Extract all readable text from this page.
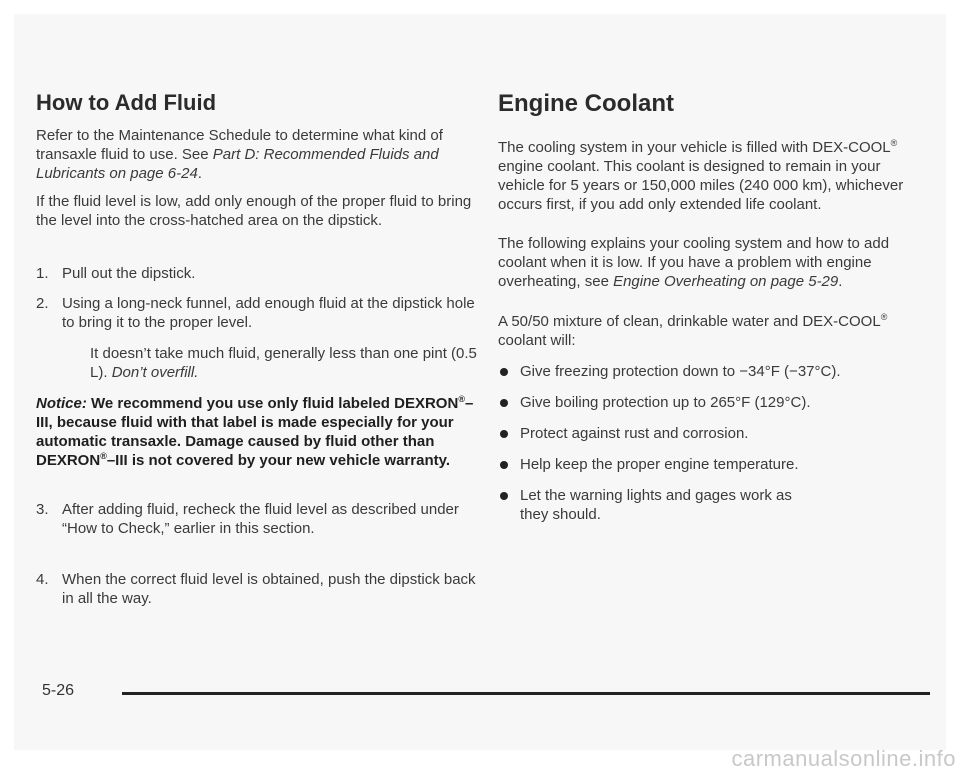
How to Add Fluid

Refer to the Maintenance Schedule to determine what kind of transaxle fluid to use. See Part D: Recommended Fluids and Lubricants on page 6-24.

If the fluid level is low, add only enough of the proper fluid to bring the level into the cross-hatched area on the dipstick.

1. Pull out the dipstick.

2. Using a long-neck funnel, add enough fluid at the dipstick hole to bring it to the proper level.

It doesn’t take much fluid, generally less than one pint (0.5 L). Don’t overfill.

Notice: We recommend you use only fluid labeled DEXRON®–III, because fluid with that label is made especially for your automatic transaxle. Damage caused by fluid other than DEXRON®–III is not covered by your new vehicle warranty.

3. After adding fluid, recheck the fluid level as described under “How to Check,” earlier in this section.

4. When the correct fluid level is obtained, push the dipstick back in all the way.

Engine Coolant

The cooling system in your vehicle is filled with DEX-COOL® engine coolant. This coolant is designed to remain in your vehicle for 5 years or 150,000 miles (240 000 km), whichever occurs first, if you add only extended life coolant.

The following explains your cooling system and how to add coolant when it is low. If you have a problem with engine overheating, see Engine Overheating on page 5-29.

A 50/50 mixture of clean, drinkable water and DEX-COOL® coolant will:

Give freezing protection down to −34°F (−37°C).
Give boiling protection up to 265°F (129°C).
Protect against rust and corrosion.
Help keep the proper engine temperature.
Let the warning lights and gages work as they should.
5-26
carmanualsonline.info
